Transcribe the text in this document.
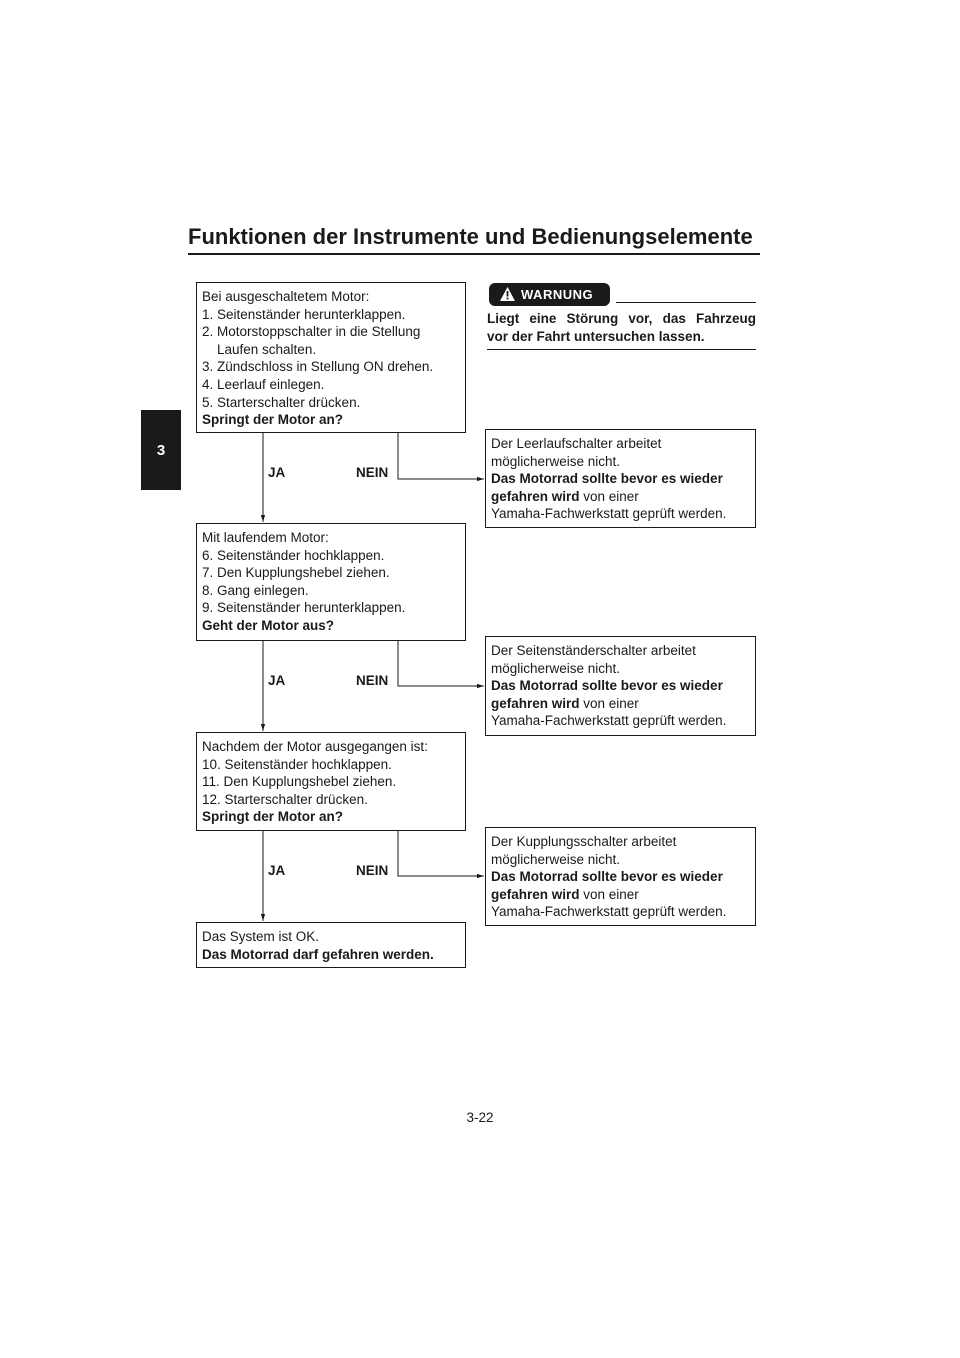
Funktionen der Instrumente und Bedienungselemente
3
Bei ausgeschaltetem Motor:
1. Seitenständer herunterklappen.
2. Motorstoppschalter in die Stellung
Laufen schalten.
3. Zündschloss in Stellung ON drehen.
4. Leerlauf einlegen.
5. Starterschalter drücken.
Springt der Motor an?
Mit laufendem Motor:
6. Seitenständer hochklappen.
7. Den Kupplungshebel ziehen.
8. Gang einlegen.
9. Seitenständer herunterklappen.
Geht der Motor aus?
Nachdem der Motor ausgegangen ist:
10. Seitenständer hochklappen.
11. Den Kupplungshebel ziehen.
12. Starterschalter drücken.
Springt der Motor an?
Das System ist OK.
Das Motorrad darf gefahren werden.
JA	NEIN
JA	NEIN
JA	NEIN
WARNUNG
Liegt eine Störung vor, das Fahrzeug
vor der Fahrt untersuchen lassen.
Der Leerlaufschalter arbeitet
möglicherweise nicht.
Das Motorrad sollte bevor es wieder
gefahren wird von einer
Yamaha-Fachwerkstatt geprüft werden.
Der Seitenständerschalter arbeitet
möglicherweise nicht.
Das Motorrad sollte bevor es wieder
gefahren wird von einer
Yamaha-Fachwerkstatt geprüft werden.
Der Kupplungsschalter arbeitet
möglicherweise nicht.
Das Motorrad sollte bevor es wieder
gefahren wird von einer
Yamaha-Fachwerkstatt geprüft werden.
3-22
